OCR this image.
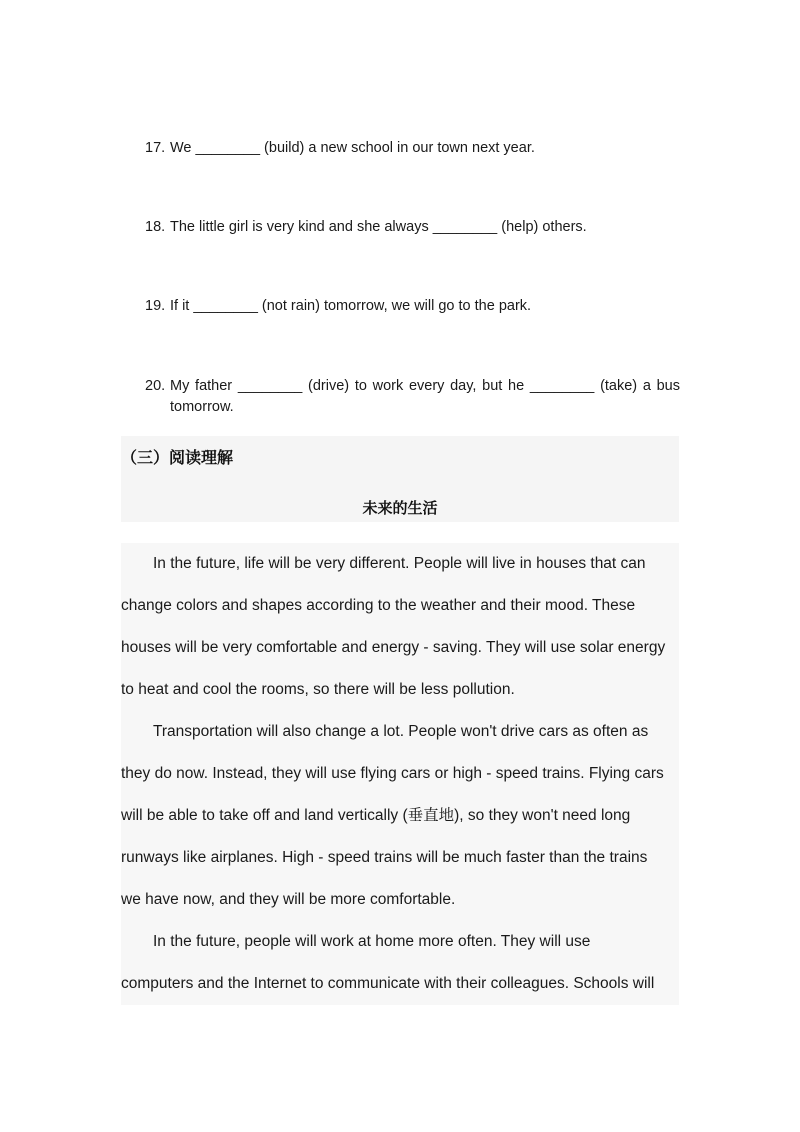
17. We ________ (build) a new school in our town next year.
18. The little girl is very kind and she always ________ (help) others.
19. If it ________ (not rain) tomorrow, we will go to the park.
20. My father ________ (drive) to work every day, but he ________ (take) a bus
tomorrow.
（三）阅读理解
未来的生活
In the future, life will be very different. People will live in houses that can
change colors and shapes according to the weather and their mood. These
houses will be very comfortable and energy - saving. They will use solar energy
to heat and cool the rooms, so there will be less pollution.
Transportation will also change a lot. People won't drive cars as often as
they do now. Instead, they will use flying cars or high - speed trains. Flying cars
will be able to take off and land vertically (垂直地), so they won't need long
runways like airplanes. High - speed trains will be much faster than the trains
we have now, and they will be more comfortable.
In the future, people will work at home more often. They will use
computers and the Internet to communicate with their colleagues. Schools will
